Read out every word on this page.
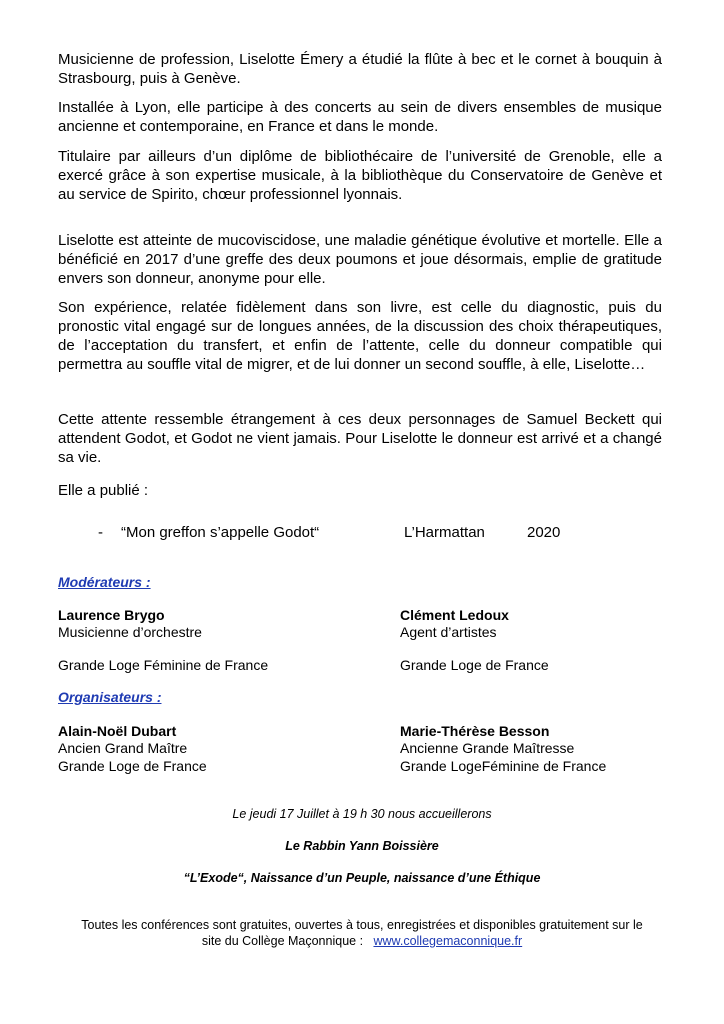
Musicienne de profession, Liselotte Émery a étudié la flûte à bec et le cornet à bouquin à Strasbourg, puis à Genève.

Installée à Lyon, elle participe à des concerts au sein de divers ensembles de musique ancienne et contemporaine, en France et dans le monde.

Titulaire par ailleurs d’un diplôme de bibliothécaire de l’université de Grenoble, elle a exercé grâce à son expertise musicale, à la bibliothèque du Conservatoire de Genève et au service de Spirito, chœur professionnel lyonnais.

Liselotte est atteinte de mucoviscidose, une maladie génétique évolutive et mortelle. Elle a bénéficié en 2017 d’une greffe des deux poumons et joue désormais, emplie de gratitude envers son donneur, anonyme pour elle.

Son expérience, relatée fidèlement dans son livre, est celle du diagnostic, puis du pronostic vital engagé sur de longues années, de la discussion des choix thérapeutiques, de l’acceptation du transfert, et enfin de l’attente, celle du donneur compatible qui permettra au souffle vital de migrer, et de lui donner un second souffle, à elle, Liselotte…

Cette attente ressemble étrangement à ces deux personnages de Samuel Beckett qui attendent Godot, et Godot ne vient jamais. Pour Liselotte le donneur est arrivé et a changé sa vie.

Elle a publié :
- “Mon greffon s’appelle Godot“	L’Harmattan	2020
Modérateurs :
Laurence Brygo
Musicienne d’orchestre
Grande Loge Féminine de France
Clément Ledoux
Agent d’artistes
Grande Loge de France
Organisateurs :
Alain-Noël Dubart
Ancien Grand Maître
Grande Loge de France
Marie-Thérèse Besson
Ancienne Grande Maîtresse
Grande LogeFéminine de France
Le jeudi 17 Juillet à 19 h 30 nous accueillerons
Le Rabbin Yann Boissière
“L’Exode“, Naissance d’un Peuple, naissance d’une Éthique
Toutes les conférences sont gratuites, ouvertes à tous, enregistrées et disponibles gratuitement sur le
site du Collège Maçonnique : www.collegemaconnique.fr
